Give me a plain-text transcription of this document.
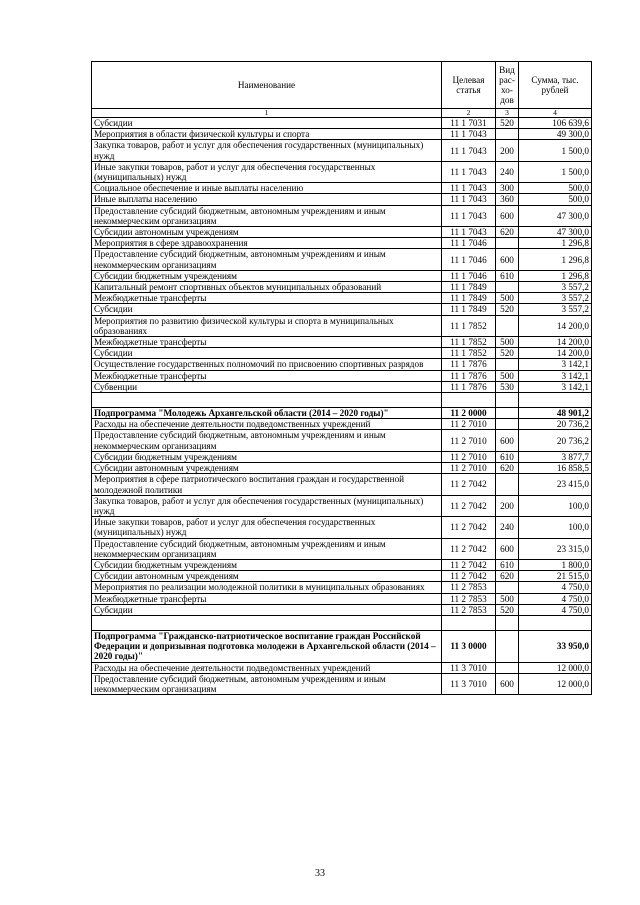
Наименование	Целевая статья	Вид рас-хо-дов	Сумма, тыс. рублей
1	2	3	4
Субсидии	11 1 7031	520	106 639,6
Мероприятия в области физической культуры и спорта	11 1 7043		49 300,0
Закупка товаров, работ и услуг для обеспечения государственных (муниципальных) нужд	11 1 7043	200	1 500,0
Иные закупки товаров, работ и услуг для обеспечения государственных (муниципальных) нужд	11 1 7043	240	1 500,0
Социальное обеспечение и иные выплаты населению	11 1 7043	300	500,0
Иные выплаты населению	11 1 7043	360	500,0
Предоставление субсидий бюджетным, автономным учреждениям и иным некоммерческим организациям	11 1 7043	600	47 300,0
Субсидии автономным учреждениям	11 1 7043	620	47 300,0
Мероприятия в сфере здравоохранения	11 1 7046		1 296,8
Предоставление субсидий бюджетным, автономным учреждениям и иным некоммерческим организациям	11 1 7046	600	1 296,8
Субсидии бюджетным учреждениям	11 1 7046	610	1 296,8
Капитальный ремонт спортивных объектов муниципальных образований	11 1 7849		3 557,2
Межбюджетные трансферты	11 1 7849	500	3 557,2
Субсидии	11 1 7849	520	3 557,2
Мероприятия по развитию физической культуры и спорта в муниципальных образованиях	11 1 7852		14 200,0
Межбюджетные трансферты	11 1 7852	500	14 200,0
Субсидии	11 1 7852	520	14 200,0
Осуществление государственных полномочий по присвоению спортивных разрядов	11 1 7876		3 142,1
Межбюджетные трансферты	11 1 7876	500	3 142,1
Субвенции	11 1 7876	530	3 142,1

Подпрограмма "Молодежь Архангельской области (2014 – 2020 годы)"	11 2 0000		48 901,2
Расходы на обеспечение деятельности подведомственных учреждений	11 2 7010		20 736,2
Предоставление субсидий бюджетным, автономным учреждениям и иным некоммерческим организациям	11 2 7010	600	20 736,2
Субсидии бюджетным учреждениям	11 2 7010	610	3 877,7
Субсидии автономным учреждениям	11 2 7010	620	16 858,5
Мероприятия в сфере патриотического воспитания граждан и государственной молодежной политики	11 2 7042		23 415,0
Закупка товаров, работ и услуг для обеспечения государственных (муниципальных) нужд	11 2 7042	200	100,0
Иные закупки товаров, работ и услуг для обеспечения государственных (муниципальных) нужд	11 2 7042	240	100,0
Предоставление субсидий бюджетным, автономным учреждениям и иным некоммерческим организациям	11 2 7042	600	23 315,0
Субсидии бюджетным учреждениям	11 2 7042	610	1 800,0
Субсидии автономным учреждениям	11 2 7042	620	21 515,0
Мероприятия по реализации молодежной политики в муниципальных образованиях	11 2 7853		4 750,0
Межбюджетные трансферты	11 2 7853	500	4 750,0
Субсидии	11 2 7853	520	4 750,0

Подпрограмма "Гражданско-патриотическое воспитание граждан Российской Федерации и допризывная подготовка молодежи в Архангельской области (2014 – 2020 годы)"	11 3 0000		33 950,0
Расходы на обеспечение деятельности подведомственных учреждений	11 3 7010		12 000,0
Предоставление субсидий бюджетным, автономным учреждениям и иным некоммерческим организациям	11 3 7010	600	12 000,0
33
